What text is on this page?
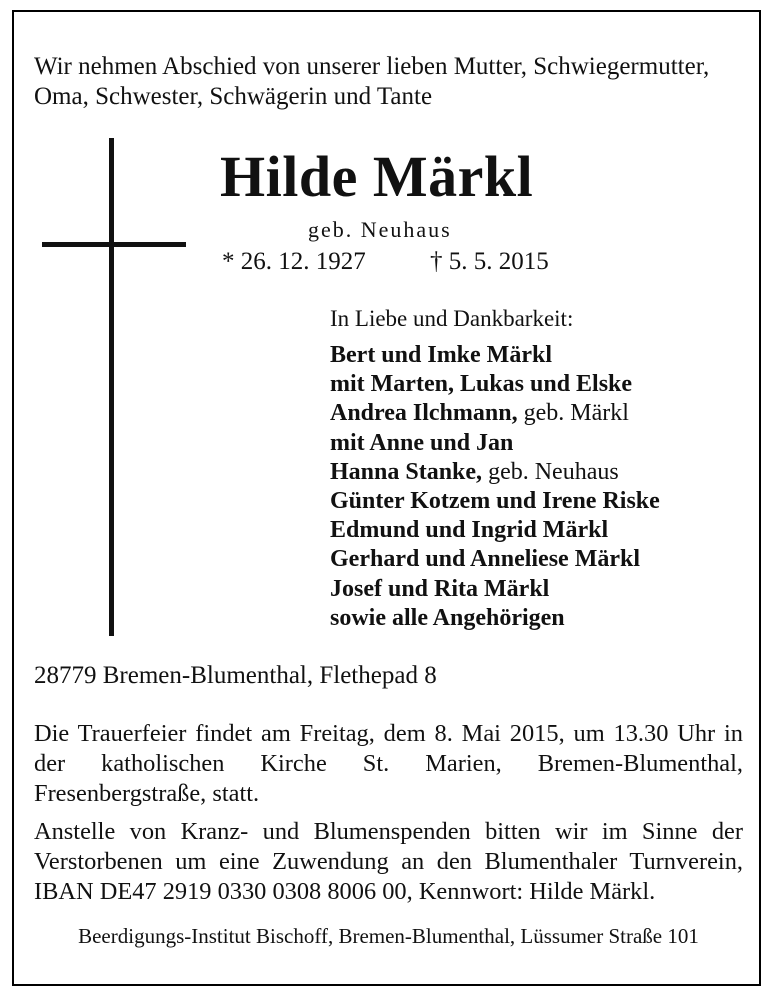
Wir nehmen Abschied von unserer lieben Mutter, Schwiegermutter, Oma, Schwester, Schwägerin und Tante
Hilde Märkl
geb. Neuhaus
* 26. 12. 1927	† 5. 5. 2015
In Liebe und Dankbarkeit:
Bert und Imke Märkl
mit Marten, Lukas und Elske
Andrea Ilchmann, geb. Märkl
mit Anne und Jan
Hanna Stanke, geb. Neuhaus
Günter Kotzem und Irene Riske
Edmund und Ingrid Märkl
Gerhard und Anneliese Märkl
Josef und Rita Märkl
sowie alle Angehörigen
28779 Bremen-Blumenthal, Flethepad 8
Die Trauerfeier findet am Freitag, dem 8. Mai 2015, um 13.30 Uhr in der katholischen Kirche St. Marien, Bremen-Blumenthal, Fresenbergstraße, statt.
Anstelle von Kranz- und Blumenspenden bitten wir im Sinne der Verstorbenen um eine Zuwendung an den Blumenthaler Turnverein, IBAN DE47 2919 0330 0308 8006 00, Kennwort: Hilde Märkl.
Beerdigungs-Institut Bischoff, Bremen-Blumenthal, Lüssumer Straße 101
